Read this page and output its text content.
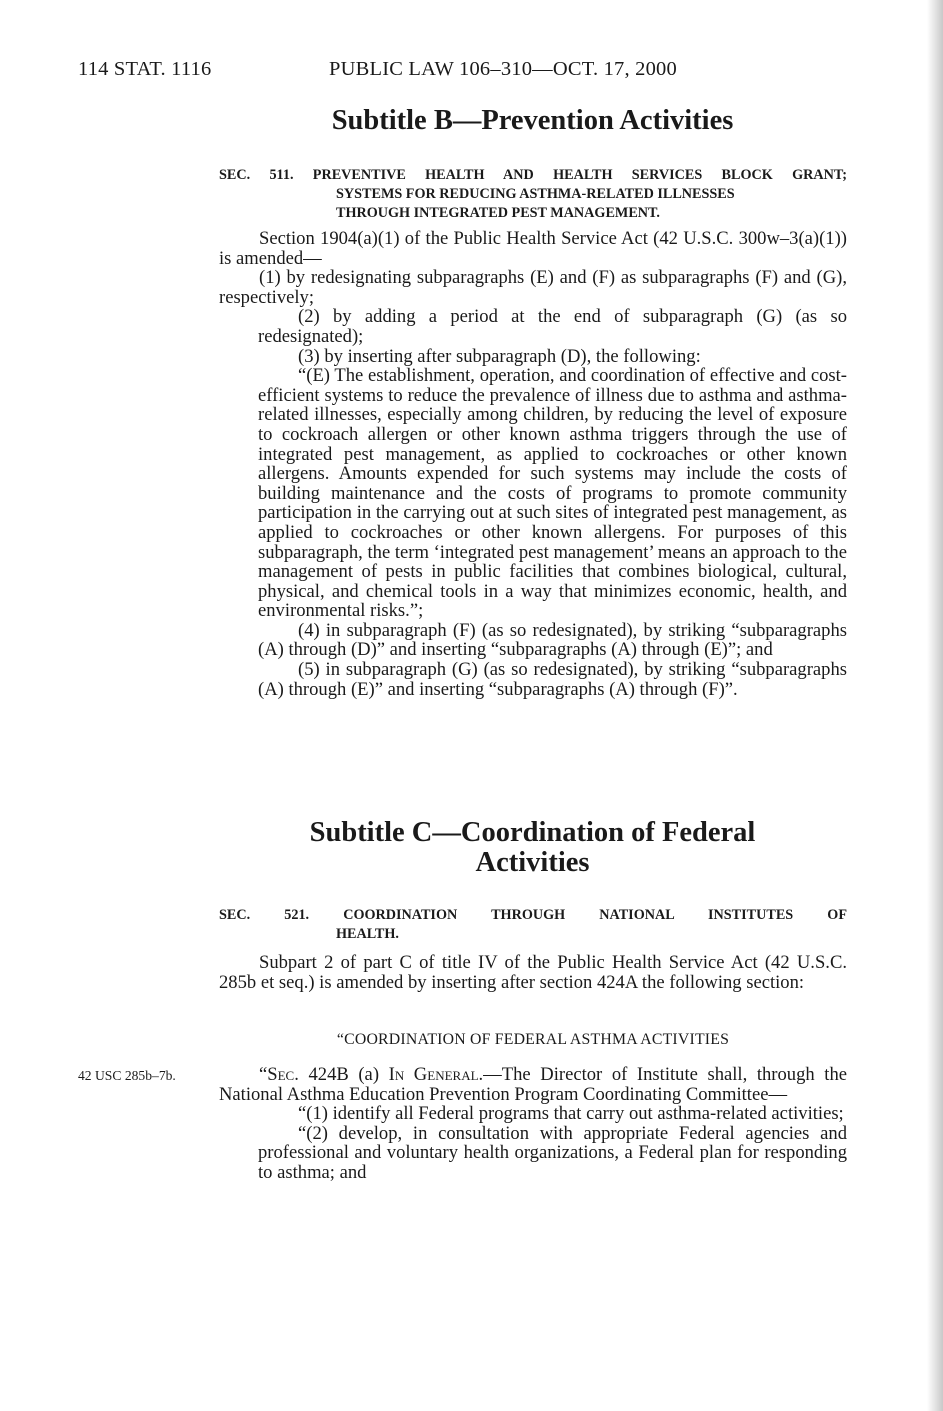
114 STAT. 1116	PUBLIC LAW 106–310—OCT. 17, 2000
Subtitle B—Prevention Activities
SEC. 511. PREVENTIVE HEALTH AND HEALTH SERVICES BLOCK GRANT;
SYSTEMS FOR REDUCING ASTHMA-RELATED ILLNESSES
THROUGH INTEGRATED PEST MANAGEMENT.

Section 1904(a)(1) of the Public Health Service Act (42 U.S.C. 300w–3(a)(1)) is amended—

(1) by redesignating subparagraphs (E) and (F) as subparagraphs (F) and (G), respectively;

(2) by adding a period at the end of subparagraph (G) (as so redesignated);

(3) by inserting after subparagraph (D), the following:

“(E) The establishment, operation, and coordination of effective and cost-efficient systems to reduce the prevalence of illness due to asthma and asthma-related illnesses, especially among children, by reducing the level of exposure to cockroach allergen or other known asthma triggers through the use of integrated pest management, as applied to cockroaches or other known allergens. Amounts expended for such systems may include the costs of building maintenance and the costs of programs to promote community participation in the carrying out at such sites of integrated pest management, as applied to cockroaches or other known allergens. For purposes of this subparagraph, the term ‘integrated pest management’ means an approach to the management of pests in public facilities that combines biological, cultural, physical, and chemical tools in a way that minimizes economic, health, and environmental risks.”;

(4) in subparagraph (F) (as so redesignated), by striking “subparagraphs (A) through (D)” and inserting “subparagraphs (A) through (E)”; and

(5) in subparagraph (G) (as so redesignated), by striking “subparagraphs (A) through (E)” and inserting “subparagraphs (A) through (F)”.

Subtitle C—Coordination of Federal
Activities
SEC. 521. COORDINATION THROUGH NATIONAL INSTITUTES OF
HEALTH.

Subpart 2 of part C of title IV of the Public Health Service Act (42 U.S.C. 285b et seq.) is amended by inserting after section 424A the following section:

“COORDINATION OF FEDERAL ASTHMA ACTIVITIES
42 USC 285b–7b.	“Sec. 424B (a) In General.—The Director of Institute shall, through the National Asthma Education Prevention Program Coordinating Committee—

“(1) identify all Federal programs that carry out asthma-related activities;

“(2) develop, in consultation with appropriate Federal agencies and professional and voluntary health organizations, a Federal plan for responding to asthma; and
